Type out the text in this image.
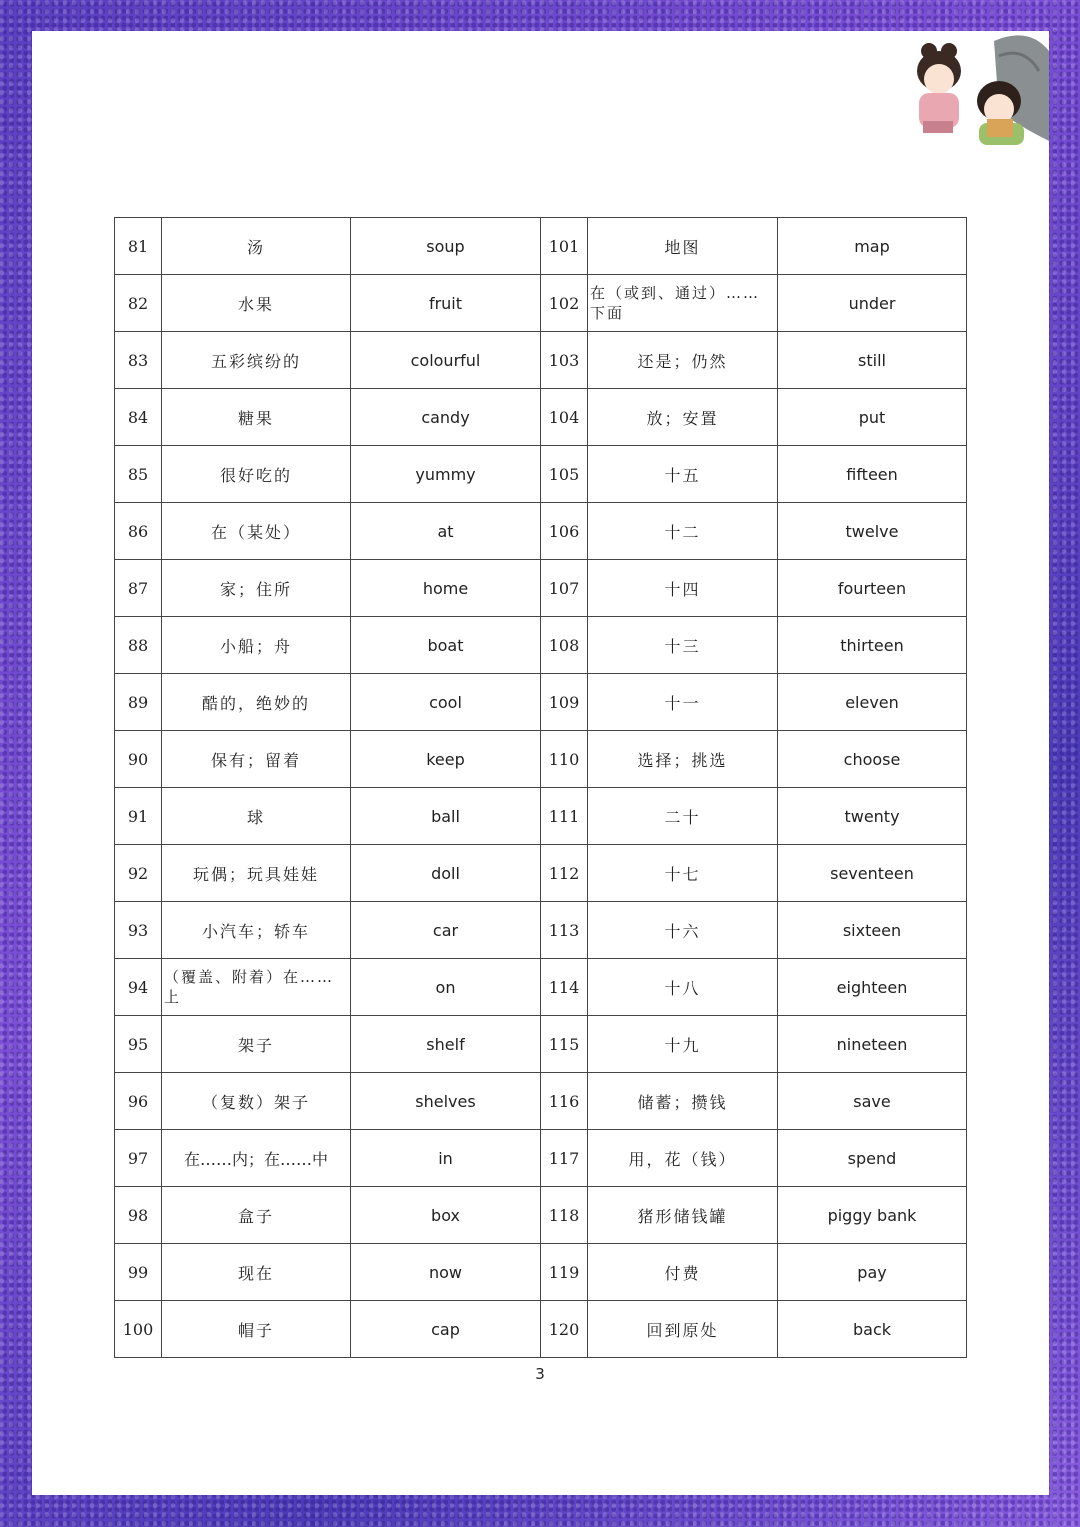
81	汤	soup	101	地图	map
82	水果	fruit	102	在（或到、通过）……下面	under
83	五彩缤纷的	colourful	103	还是；仍然	still
84	糖果	candy	104	放；安置	put
85	很好吃的	yummy	105	十五	fifteen
86	在（某处）	at	106	十二	twelve
87	家；住所	home	107	十四	fourteen
88	小船；舟	boat	108	十三	thirteen
89	酷的，绝妙的	cool	109	十一	eleven
90	保有；留着	keep	110	选择；挑选	choose
91	球	ball	111	二十	twenty
92	玩偶；玩具娃娃	doll	112	十七	seventeen
93	小汽车；轿车	car	113	十六	sixteen
94	（覆盖、附着）在……上	on	114	十八	eighteen
95	架子	shelf	115	十九	nineteen
96	（复数）架子	shelves	116	储蓄；攒钱	save
97	在……内；在……中	in	117	用，花（钱）	spend
98	盒子	box	118	猪形储钱罐	piggy bank
99	现在	now	119	付费	pay
100	帽子	cap	120	回到原处	back
3
